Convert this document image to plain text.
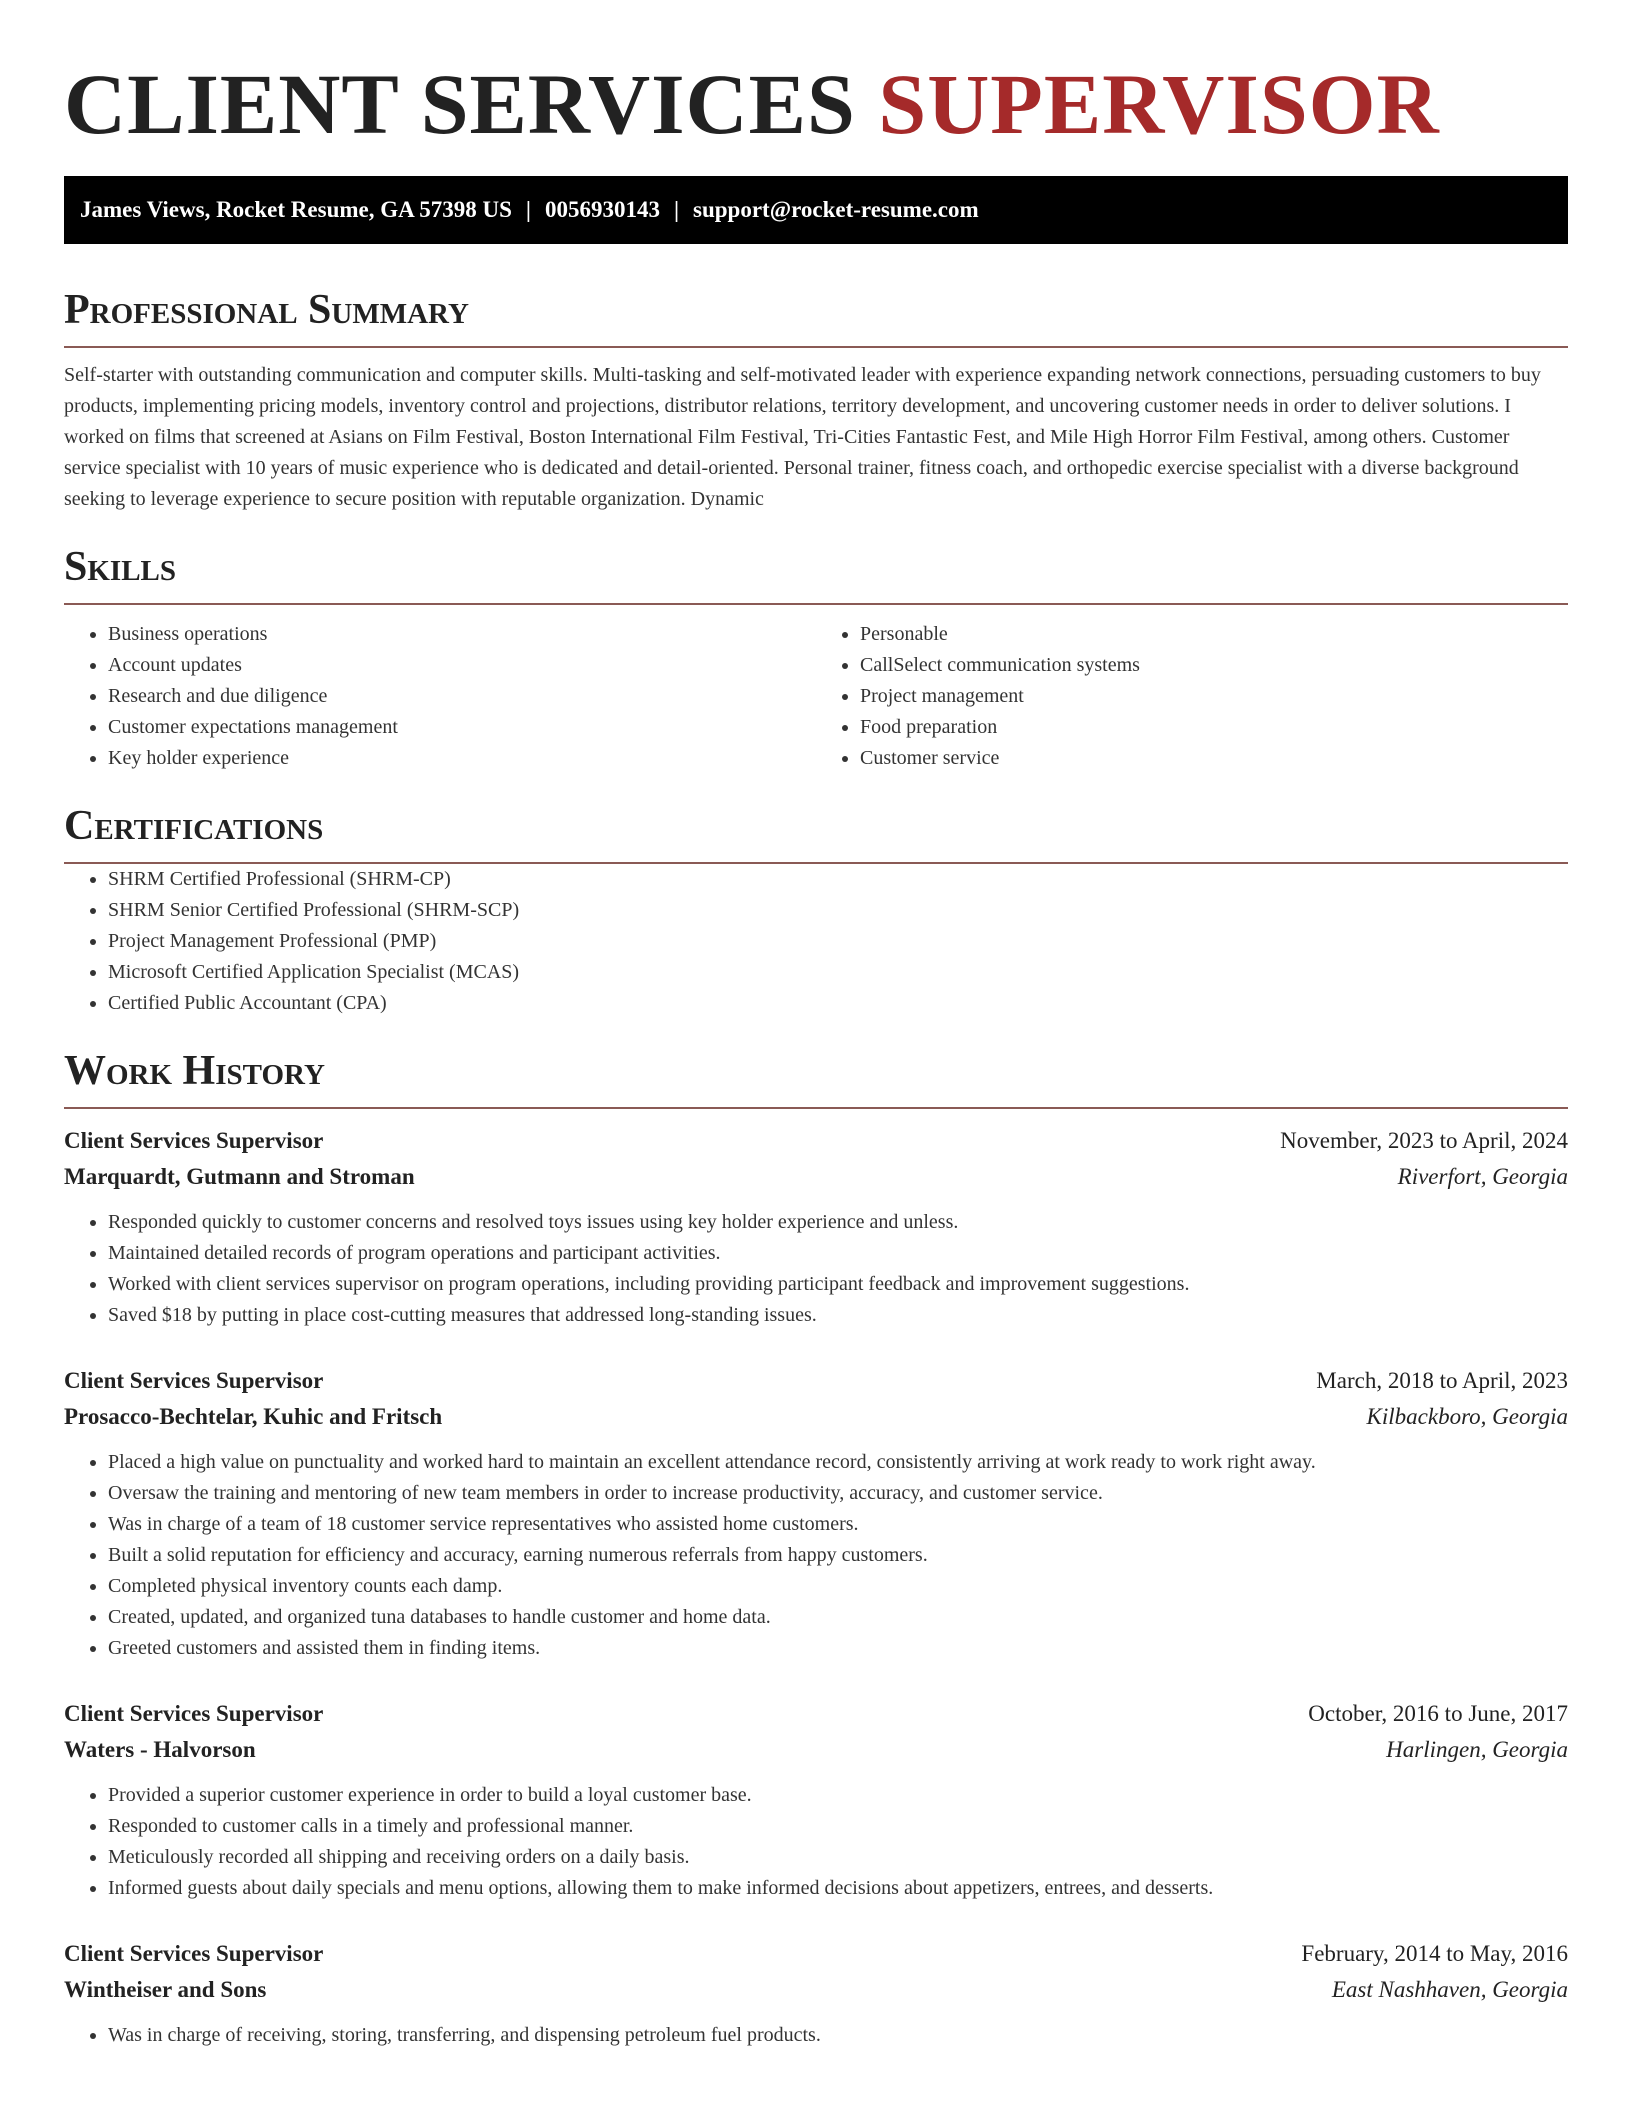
CLIENT SERVICES SUPERVISOR
James Views, Rocket Resume, GA 57398 US | 0056930143 | support@rocket-resume.com
Professional Summary

Self-starter with outstanding communication and computer skills. Multi-tasking and self-motivated leader with experience expanding network connections, persuading customers to buy products, implementing pricing models, inventory control and projections, distributor relations, territory development, and uncovering customer needs in order to deliver solutions. I worked on films that screened at Asians on Film Festival, Boston International Film Festival, Tri-Cities Fantastic Fest, and Mile High Horror Film Festival, among others. Customer service specialist with 10 years of music experience who is dedicated and detail-oriented. Personal trainer, fitness coach, and orthopedic exercise specialist with a diverse background seeking to leverage experience to secure position with reputable organization. Dynamic

Skills
• Business operations
• Account updates
• Research and due diligence
• Customer expectations management
• Key holder experience
• Personable
• CallSelect communication systems
• Project management
• Food preparation
• Customer service
Certifications
• SHRM Certified Professional (SHRM-CP)
• SHRM Senior Certified Professional (SHRM-SCP)
• Project Management Professional (PMP)
• Microsoft Certified Application Specialist (MCAS)
• Certified Public Accountant (CPA)
Work History
Client Services Supervisor	November, 2023 to April, 2024
Marquardt, Gutmann and Stroman	Riverfort, Georgia
• Responded quickly to customer concerns and resolved toys issues using key holder experience and unless.
• Maintained detailed records of program operations and participant activities.
• Worked with client services supervisor on program operations, including providing participant feedback and improvement suggestions.
• Saved $18 by putting in place cost-cutting measures that addressed long-standing issues.
Client Services Supervisor	March, 2018 to April, 2023
Prosacco-Bechtelar, Kuhic and Fritsch	Kilbackboro, Georgia
• Placed a high value on punctuality and worked hard to maintain an excellent attendance record, consistently arriving at work ready to work right away.
• Oversaw the training and mentoring of new team members in order to increase productivity, accuracy, and customer service.
• Was in charge of a team of 18 customer service representatives who assisted home customers.
• Built a solid reputation for efficiency and accuracy, earning numerous referrals from happy customers.
• Completed physical inventory counts each damp.
• Created, updated, and organized tuna databases to handle customer and home data.
• Greeted customers and assisted them in finding items.
Client Services Supervisor	October, 2016 to June, 2017
Waters - Halvorson	Harlingen, Georgia
• Provided a superior customer experience in order to build a loyal customer base.
• Responded to customer calls in a timely and professional manner.
• Meticulously recorded all shipping and receiving orders on a daily basis.
• Informed guests about daily specials and menu options, allowing them to make informed decisions about appetizers, entrees, and desserts.
Client Services Supervisor	February, 2014 to May, 2016
Wintheiser and Sons	East Nashhaven, Georgia
• Was in charge of receiving, storing, transferring, and dispensing petroleum fuel products.
